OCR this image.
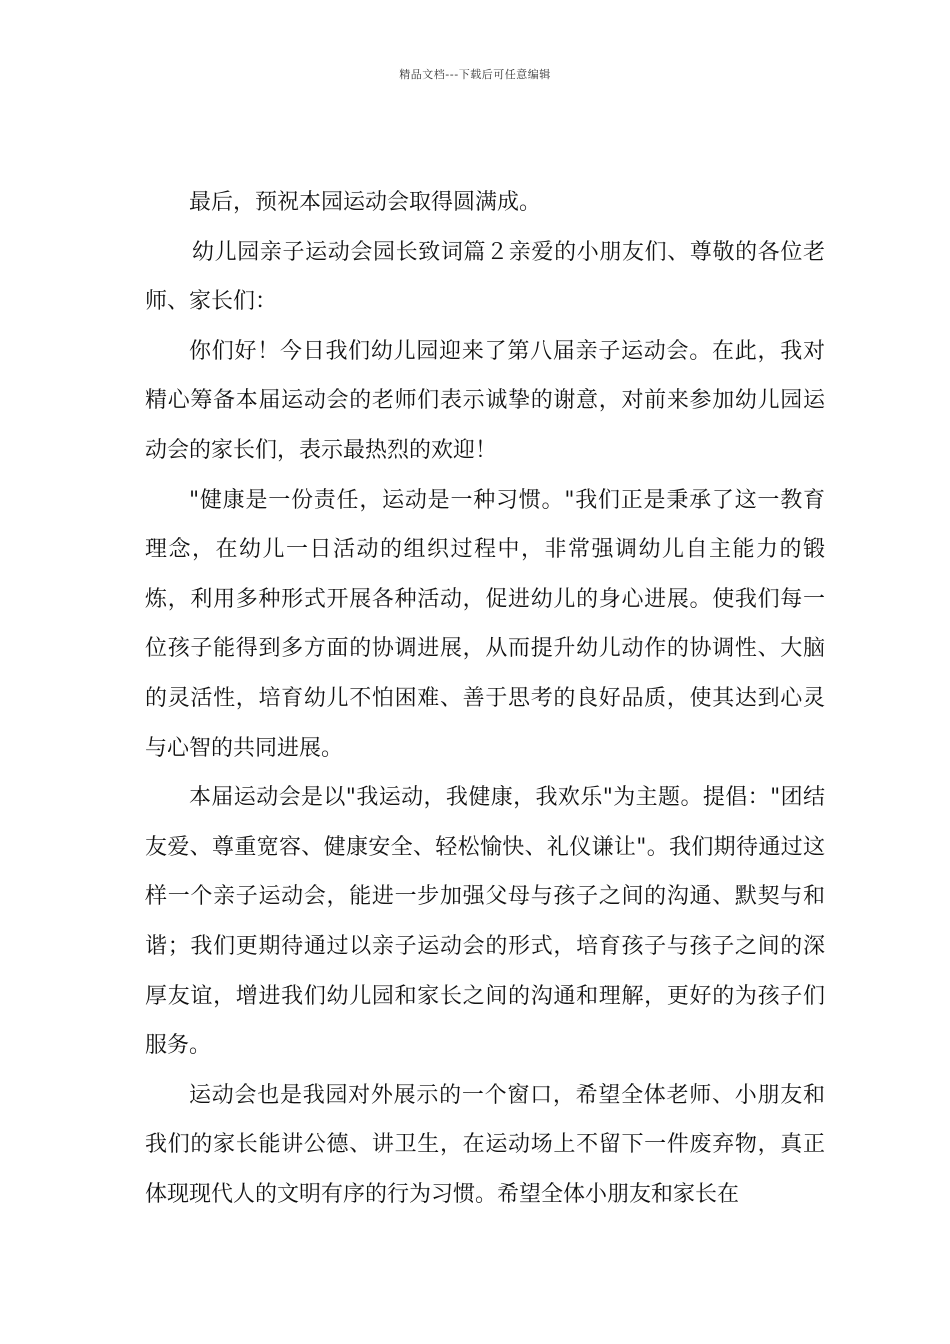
精品文档---下载后可任意编辑

最后，预祝本园运动会取得圆满成。

幼儿园亲子运动会园长致词篇２亲爱的小朋友们、尊敬的各位老师、家长们：

你们好！今日我们幼儿园迎来了第八届亲子运动会。在此，我对精心筹备本届运动会的老师们表示诚挚的谢意，对前来参加幼儿园运动会的家长们，表示最热烈的欢迎！

"健康是一份责任，运动是一种习惯。"我们正是秉承了这一教育理念，在幼儿一日活动的组织过程中，非常强调幼儿自主能力的锻炼，利用多种形式开展各种活动，促进幼儿的身心进展。使我们每一位孩子能得到多方面的协调进展，从而提升幼儿动作的协调性、大脑的灵活性，培育幼儿不怕困难、善于思考的良好品质，使其达到心灵与心智的共同进展。

本届运动会是以"我运动，我健康，我欢乐"为主题。提倡："团结友爱、尊重宽容、健康安全、轻松愉快、礼仪谦让"。我们期待通过这样一个亲子运动会，能进一步加强父母与孩子之间的沟通、默契与和谐；我们更期待通过以亲子运动会的形式，培育孩子与孩子之间的深厚友谊，增进我们幼儿园和家长之间的沟通和理解，更好的为孩子们服务。

运动会也是我园对外展示的一个窗口，希望全体老师、小朋友和我们的家长能讲公德、讲卫生，在运动场上不留下一件废弃物，真正体现现代人的文明有序的行为习惯。希望全体小朋友和家长在
